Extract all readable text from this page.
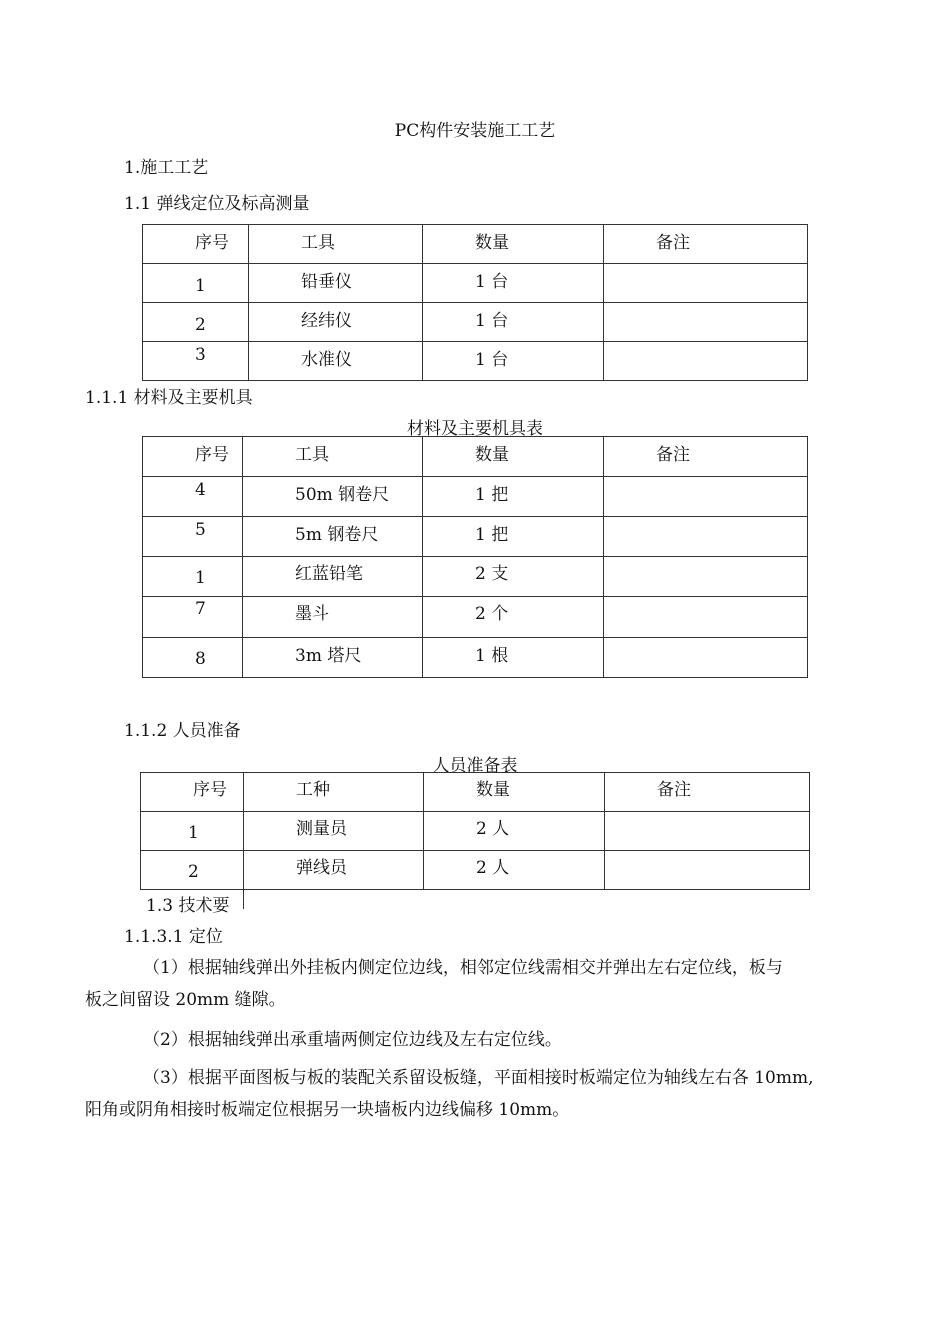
PC构件安装施工工艺
1.施工工艺
1.1 弹线定位及标高测量
序号	工具	数量	备注

1	铅垂仪	1 台	

2	经纬仪	1 台	

3	水准仪	1 台	

1.1.1 材料及主要机具
材料及主要机具表
序号	工具	数量	备注

4	50m 钢卷尺	1 把	

5	5m 钢卷尺	1 把	

1	红蓝铅笔	2 支	

7	墨斗	2 个	

8	3m 塔尺	1 根	

1.1.2 人员准备
人员准备表
序号	工种	数量	备注

1	测量员	2 人	

2	弹线员	2 人	

1.3 技术要
1.1.3.1 定位
（1）根据轴线弹出外挂板内侧定位边线，相邻定位线需相交并弹出左右定位线，板与
板之间留设 20mm 缝隙。
（2）根据轴线弹出承重墙两侧定位边线及左右定位线。
（3）根据平面图板与板的装配关系留设板缝，平面相接时板端定位为轴线左右各 10mm,
阳角或阴角相接时板端定位根据另一块墙板内边线偏移 10mm。
